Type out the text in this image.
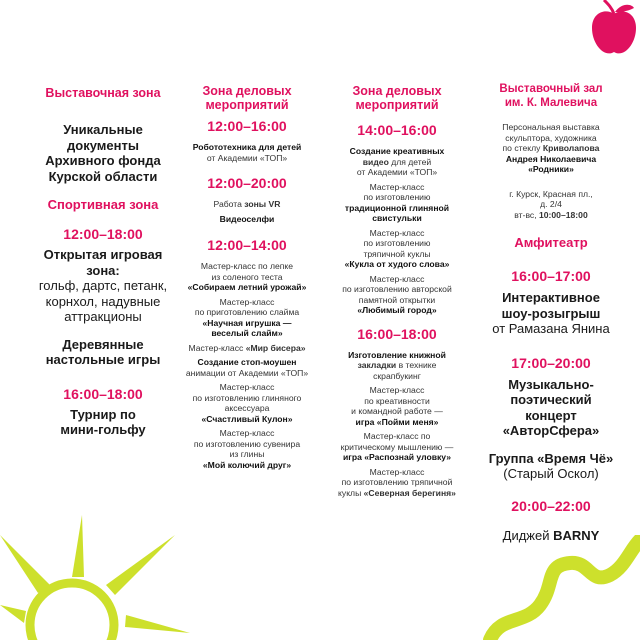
Выставочная зона

Уникальные

документы

Архивного фонда

Курской области

Спортивная зона

12:00–18:00

Открытая игровая

зона:

гольф, дартс, петанк,

корнхол, надувные

аттракционы

Деревянные

настольные игры

16:00–18:00

Турнир по

мини-гольфу

Зона деловых

мероприятий

12:00–16:00

Робототехника для детей

от Академии «ТОП»

12:00–20:00

Работа зоны VR

Видеоселфи

12:00–14:00

Мастер-класс по лепке

из соленого теста

«Собираем летний урожай»

Мастер-класс

по приготовлению слайма

«Научная игрушка —

веселый слайм»

Мастер-класс «Мир бисера»

Создание стоп-моушен

анимации от Академии «ТОП»

Мастер-класс

по изготовлению глиняного

аксессуара

«Счастливый Кулон»

Мастер-класс

по изготовлению сувенира

из глины

«Мой колючий друг»

Зона деловых

мероприятий

14:00–16:00

Создание креативных

видео для детей

от Академии «ТОП»

Мастер-класс

по изготовлению

традиционной глиняной

свистульки

Мастер-класс

по изготовлению

тряпичной куклы

«Кукла от худого слова»

Мастер-класс

по изготовлению авторской

памятной открытки

«Любимый город»

16:00–18:00

Изготовление книжной

закладки в технике

скрапбукинг

Мастер-класс

по креативности

и командной работе —

игра «Пойми меня»

Мастер-класс по

критическому мышлению —

игра «Распознай уловку»

Мастер-класс

по изготовлению тряпичной

куклы «Северная берегиня»

Выставочный зал

им. К. Малевича

Персональная выставка

скульптора, художника

по стеклу Криволапова

Андрея Николаевича

«Родники»

г. Курск, Красная пл.,

д. 2/4

вт-вс, 10:00–18:00

Амфитеатр

16:00–17:00

Интерактивное

шоу-розыгрыш

от Рамазана Янина

17:00–20:00

Музыкально-

поэтический

концерт

«АвторСфера»

Группа «Время Чё»

(Старый Оскол)

20:00–22:00

Диджей BARNY
